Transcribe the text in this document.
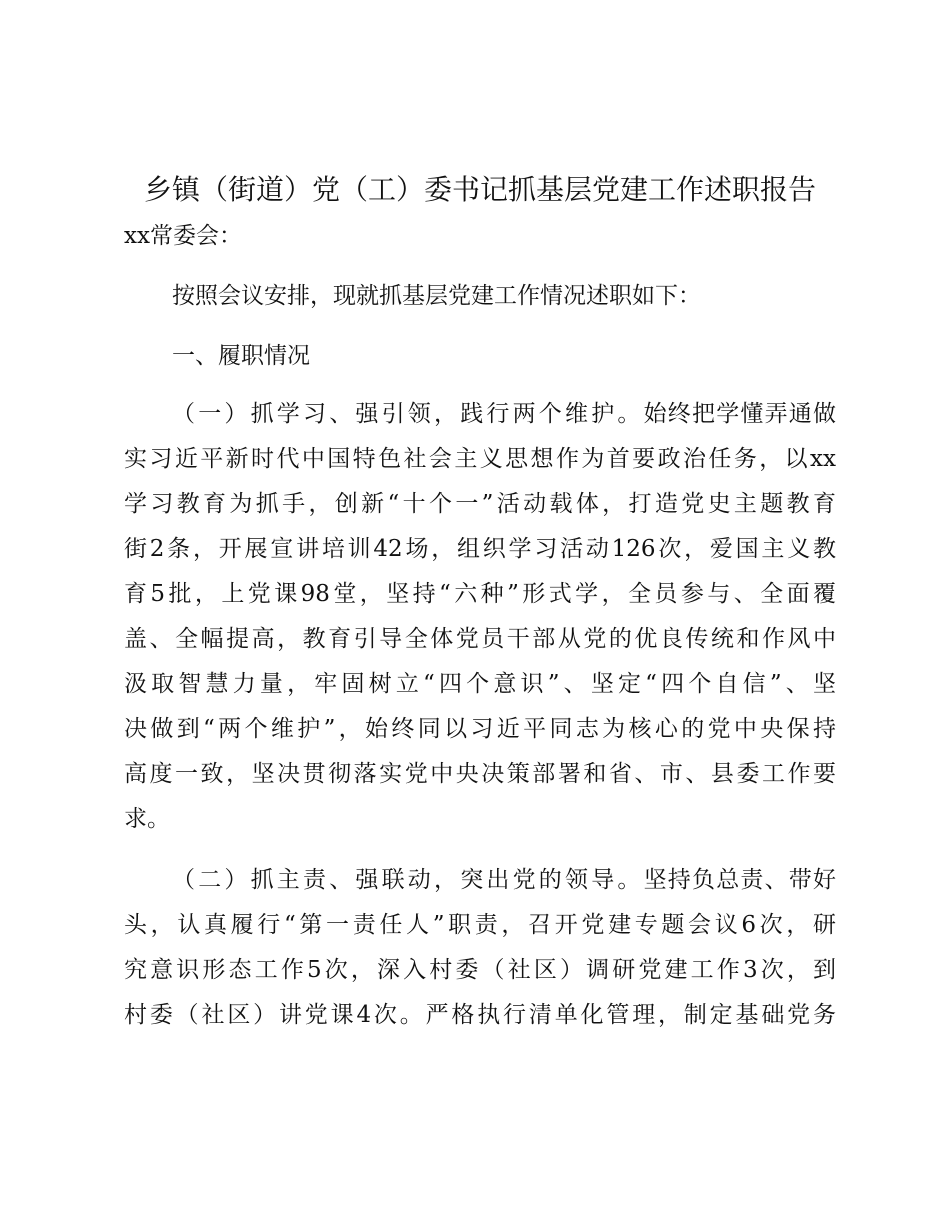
乡镇（街道）党（工）委书记抓基层党建工作述职报告
xx常委会：
按照会议安排，现就抓基层党建工作情况述职如下：
一、履职情况
（一）抓学习、强引领，践行两个维护。始终把学懂弄通做
实习近平新时代中国特色社会主义思想作为首要政治任务，以xx
学习教育为抓手，创新“十个一”活动载体，打造党史主题教育
街2条，开展宣讲培训42场，组织学习活动126次，爱国主义教
育5批，上党课98堂，坚持“六种”形式学，全员参与、全面覆
盖、全幅提高，教育引导全体党员干部从党的优良传统和作风中
汲取智慧力量，牢固树立“四个意识”、坚定“四个自信”、坚
决做到“两个维护”，始终同以习近平同志为核心的党中央保持
高度一致，坚决贯彻落实党中央决策部署和省、市、县委工作要
求。
（二）抓主责、强联动，突出党的领导。坚持负总责、带好
头，认真履行“第一责任人”职责，召开党建专题会议6次，研
究意识形态工作5次，深入村委（社区）调研党建工作3次，到
村委（社区）讲党课4次。严格执行清单化管理，制定基础党务
